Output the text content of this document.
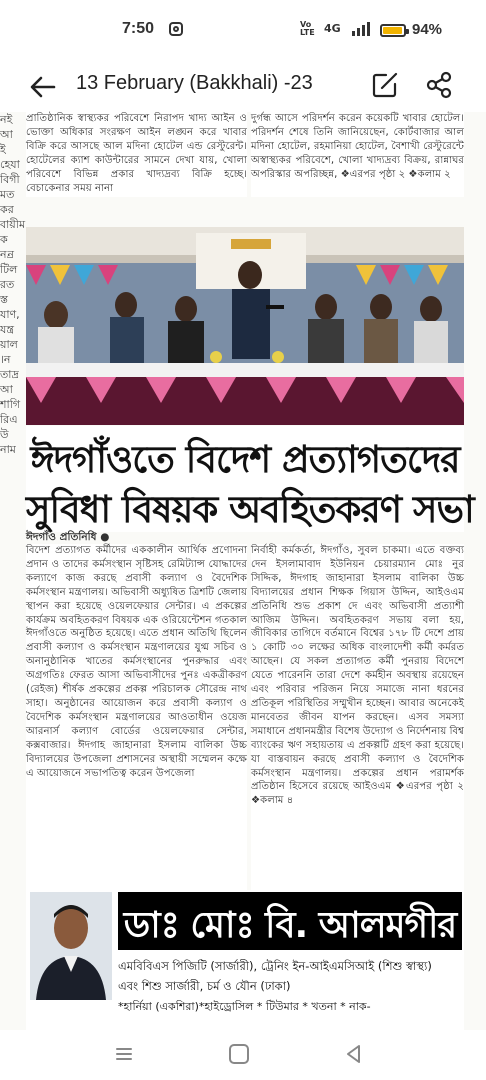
7:50	Vo
LTE 4G	94%
13 February (Bakkhali) -23
নইআইহেযাবিগীমতকরবায়ীমক নন্রটিলরতস্তযাণ,যন্ত্রয়াল।নতাদ্র আশাগিরিএউনাম
প্রাতিষ্ঠানিক স্বাস্থ্যকর পরিবেশে নিরাপদ খাদ্য আইন ও ভোক্তা অধিকার সংরক্ষণ আইন লঙ্ঘন করে খাবার বিক্রি করে আসছে আল মদিনা হোটেল এন্ড রেস্টুরেন্ট। হোটেলের ক্যাশ কাউন্টারের সামনে দেখা যায়, খোলা পরিবেশে বিভিন্ন প্রকার খাদ্যদ্রব্য বিক্রি হচ্ছে। বেচাকেনার সময় নানা
দুর্গন্ধ আসে পরিদর্শন করেন কয়েকটি খাবার হোটেল। পরিদর্শন শেষে তিনি জানিয়েছেন, কোর্টবাজার আল মদিনা হোটেল, রহমানিয়া হোটেল, বৈশাখী রেস্টুরেন্টে অস্বাস্থ্যকর পরিবেশে, খোলা খাদ্যদ্রব্য বিক্রয়, রান্নাঘর অপরিস্কার অপরিচ্ছন্ন, ❖এরপর পৃষ্ঠা ২ ❖কলাম ২
ঈদগাঁওতে বিদেশ প্রত্যাগতদের
সুবিধা বিষয়ক অবহিতকরণ সভা
ঈদগাঁও প্রতিনিধি ●
বিদেশ প্রত্যাগত কর্মীদের এককালীন আর্থিক প্রণোদনা প্রদান ও তাদের কর্মসংস্থান সৃষ্টিসহ রেমিট্যান্স যোদ্ধাদের কল্যাণে কাজ করছে প্রবাসী কল্যাণ ও বৈদেশিক কর্মসংস্থান মন্ত্রণালয়। অভিবাসী অধ্যুষিত ত্রিশটি জেলায় স্থাপন করা হয়েছে ওয়েলফেয়ার সেন্টার। এ প্রকল্পের কার্যক্রম অবহিতকরণ বিষয়ক এক ওরিয়েন্টেশন গতকাল ঈদগাঁওতে অনুষ্ঠিত হয়েছে। এতে প্রধান অতিথি ছিলেন প্রবাসী কল্যাণ ও কর্মসংস্থান মন্ত্রণালয়ের যুগ্ম সচিব ও অনানুষ্ঠানিক খাতের কর্মসংস্থানের পুনরুদ্ধার এবং অগ্রগতিঃ ফেরত আসা অভিবাসীদের পুনঃ একত্রীকরণ (রেইজ) শীর্ষক প্রকল্পের প্রকল্প পরিচালক সৌরেন্দ্র নাথ সাহা। অনুষ্ঠানের আয়োজন করে প্রবাসী কল্যাণ ও বৈদেশিক কর্মসংস্থান মন্ত্রণালয়ের আওতাধীন ওয়েজ আরনার্স কল্যাণ বোর্ডের ওয়েলফেয়ার সেন্টার, কক্সবাজার। ঈদগাহ জাহানারা ইসলাম বালিকা উচ্চ বিদ্যালয়ের উপজেলা প্রশাসনের অস্থায়ী সম্মেলন কক্ষে এ আয়োজনে সভাপতিত্ব করেন উপজেলা
নির্বাহী কর্মকর্তা, ঈদগাঁও, সুবল চাকমা। এতে বক্তব্য দেন ইসলামাবাদ ইউনিয়ন চেয়ারম্যান মোঃ নুর সিদ্দিক, ঈদগাহ জাহানারা ইসলাম বালিকা উচ্চ বিদ্যালয়ের প্রধান শিক্ষক গিয়াস উদ্দিন, আইওএম প্রতিনিধি শুভ প্রকাশ দে এবং অভিবাসী প্রত্যাশী আজিম উদ্দিন। অবহিতকরণ সভায় বলা হয়, জীবিকার তাগিদে বর্তমানে বিশ্বের ১৭৮ টি দেশে প্রায় ১ কোটি ৩০ লক্ষের অধিক বাংলাদেশী কর্মী কর্মরত আছেন। যে সকল প্রত্যাগত কর্মী পুনরায় বিদেশে যেতে পারেননি তারা দেশে কর্মহীন অবস্থায় রয়েছেন এবং পরিবার পরিজন নিয়ে সমাজে নানা ধরনের প্রতিকূল পরিস্থিতির সম্মুখীন হচ্ছেন। আবার অনেকেই মানবেতর জীবন যাপন করছেন। এসব সমস্যা সমাধানে প্রধানমন্ত্রীর বিশেষ উদ্যোগ ও নির্দেশনায় বিশ্ব ব্যাংকের ঋণ সহায়তায় এ প্রকল্পটি গ্রহণ করা হয়েছে। যা বাস্তবায়ন করছে প্রবাসী কল্যাণ ও বৈদেশিক কর্মসংস্থান মন্ত্রণালয়। প্রকল্পের প্রধান পরামর্শক প্রতিষ্ঠান হিসেবে রয়েছে আইওএম ❖এরপর পৃষ্ঠা ২ ❖কলাম ৪
ডাঃ মোঃ বি. আলমগীর
এমবিবিএস পিজিটি (সার্জারী), ট্রেনিং ইন-আইএমসিআই (শিশু স্বাস্থ্য)
এবং শিশু সার্জারী, চর্ম ও যৌন (ঢাকা)
*হার্নিয়া (একশিরা)*হাইড্রোসিল * টিউমার * খতনা * নাক-
